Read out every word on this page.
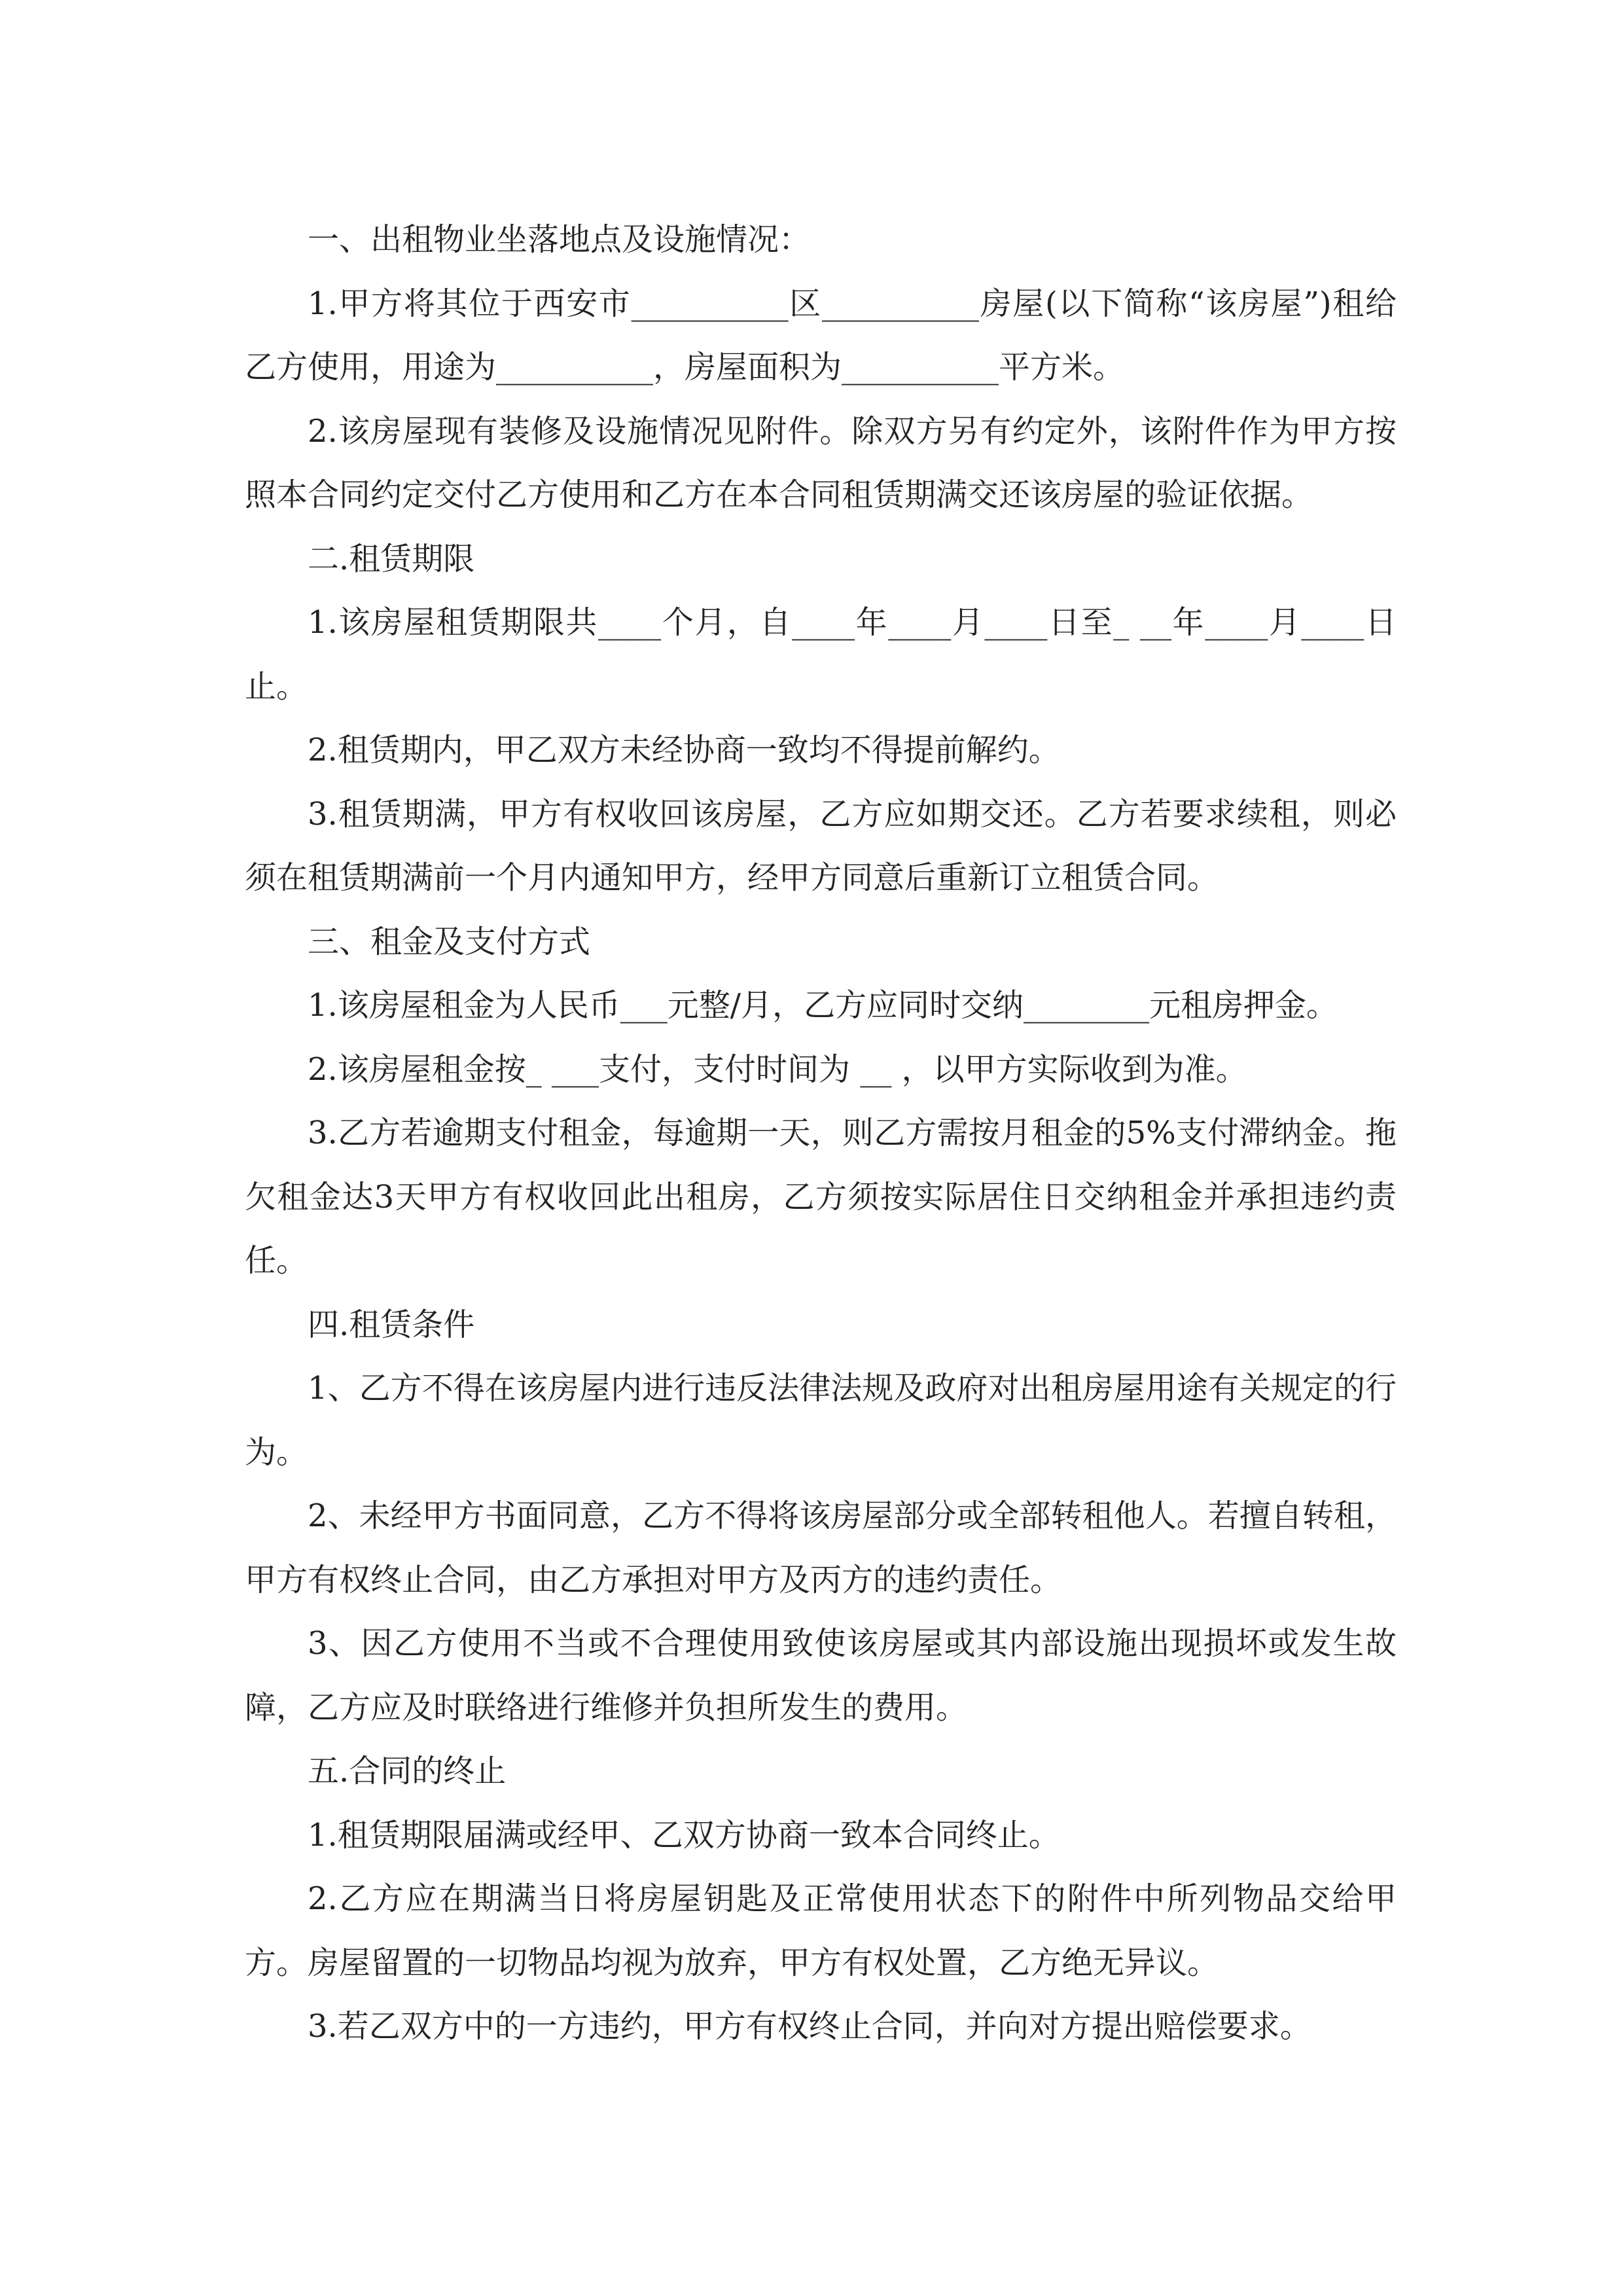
一、出租物业坐落地点及设施情况：

1.甲方将其位于西安市__________区__________房屋(以下简称“该房屋”)租给乙方使用，用途为__________，房屋面积为__________平方米。

2.该房屋现有装修及设施情况见附件。除双方另有约定外，该附件作为甲方按照本合同约定交付乙方使用和乙方在本合同租赁期满交还该房屋的验证依据。

二.租赁期限

1.该房屋租赁期限共____个月，自____年____月____日至_ __年____月____日止。

2.租赁期内，甲乙双方未经协商一致均不得提前解约。

3.租赁期满，甲方有权收回该房屋，乙方应如期交还。乙方若要求续租，则必须在租赁期满前一个月内通知甲方，经甲方同意后重新订立租赁合同。

三、租金及支付方式

1.该房屋租金为人民币___元整/月，乙方应同时交纳________元租房押金。

2.该房屋租金按_ ___支付，支付时间为 __ ，以甲方实际收到为准。

3.乙方若逾期支付租金，每逾期一天，则乙方需按月租金的5%支付滞纳金。拖欠租金达3天甲方有权收回此出租房，乙方须按实际居住日交纳租金并承担违约责任。

四.租赁条件

1、乙方不得在该房屋内进行违反法律法规及政府对出租房屋用途有关规定的行为。

2、未经甲方书面同意，乙方不得将该房屋部分或全部转租他人。若擅自转租，甲方有权终止合同，由乙方承担对甲方及丙方的违约责任。

3、因乙方使用不当或不合理使用致使该房屋或其内部设施出现损坏或发生故障，乙方应及时联络进行维修并负担所发生的费用。

五.合同的终止

1.租赁期限届满或经甲、乙双方协商一致本合同终止。

2.乙方应在期满当日将房屋钥匙及正常使用状态下的附件中所列物品交给甲方。房屋留置的一切物品均视为放弃，甲方有权处置，乙方绝无异议。

3.若乙双方中的一方违约，甲方有权终止合同，并向对方提出赔偿要求。
